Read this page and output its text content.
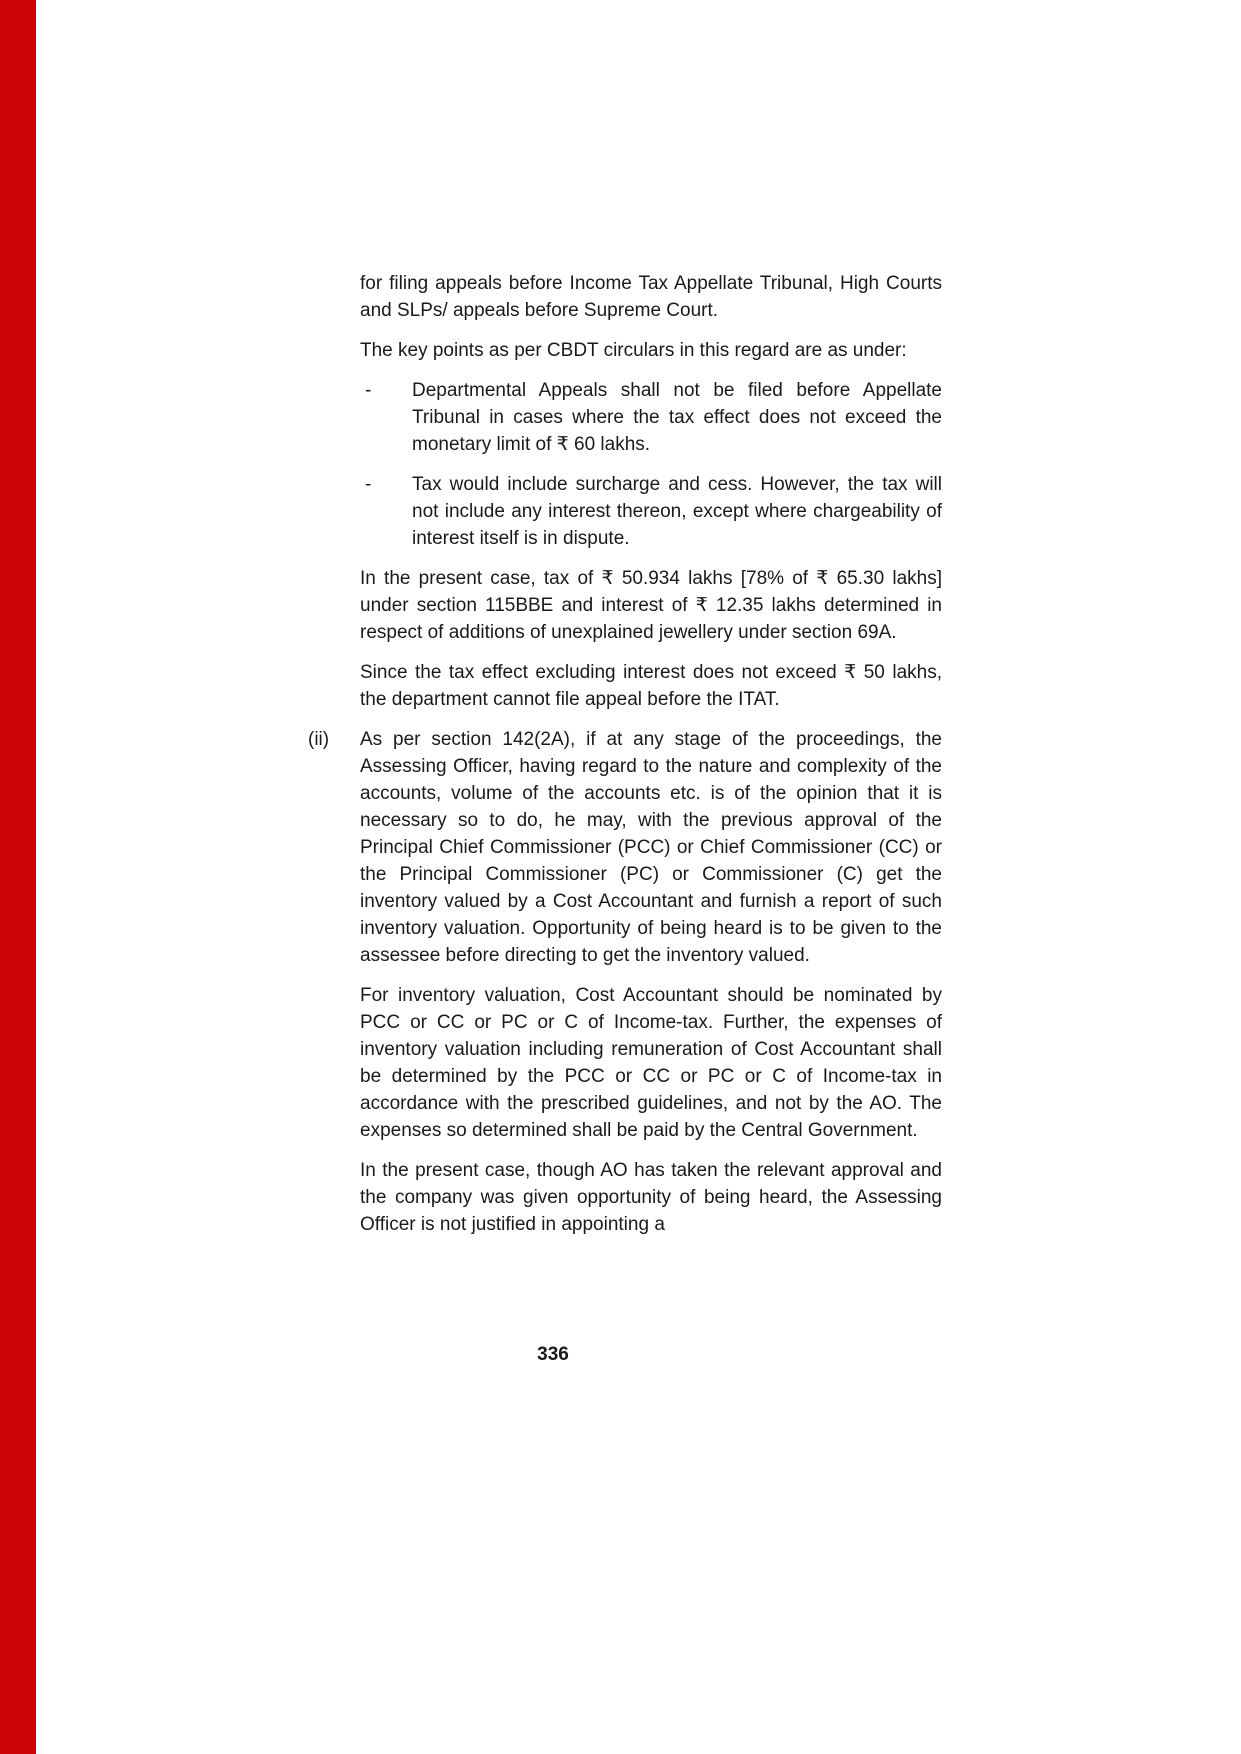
for filing appeals before Income Tax Appellate Tribunal, High Courts and SLPs/ appeals before Supreme Court.

The key points as per CBDT circulars in this regard are as under:

-	Departmental Appeals shall not be filed before Appellate Tribunal in cases where the tax effect does not exceed the monetary limit of ₹ 60 lakhs.
-	Tax would include surcharge and cess. However, the tax will not include any interest thereon, except where chargeability of interest itself is in dispute.

In the present case, tax of ₹ 50.934 lakhs [78% of ₹ 65.30 lakhs] under section 115BBE and interest of ₹ 12.35 lakhs determined in respect of additions of unexplained jewellery under section 69A.

Since the tax effect excluding interest does not exceed ₹ 50 lakhs, the department cannot file appeal before the ITAT.

(ii)	As per section 142(2A), if at any stage of the proceedings, the Assessing Officer, having regard to the nature and complexity of the accounts, volume of the accounts etc. is of the opinion that it is necessary so to do, he may, with the previous approval of the Principal Chief Commissioner (PCC) or Chief Commissioner (CC) or the Principal Commissioner (PC) or Commissioner (C) get the inventory valued by a Cost Accountant and furnish a report of such inventory valuation. Opportunity of being heard is to be given to the assessee before directing to get the inventory valued.

For inventory valuation, Cost Accountant should be nominated by PCC or CC or PC or C of Income-tax. Further, the expenses of inventory valuation including remuneration of Cost Accountant shall be determined by the PCC or CC or PC or C of Income-tax in accordance with the prescribed guidelines, and not by the AO. The expenses so determined shall be paid by the Central Government.

In the present case, though AO has taken the relevant approval and the company was given opportunity of being heard, the Assessing Officer is not justified in appointing a

336
